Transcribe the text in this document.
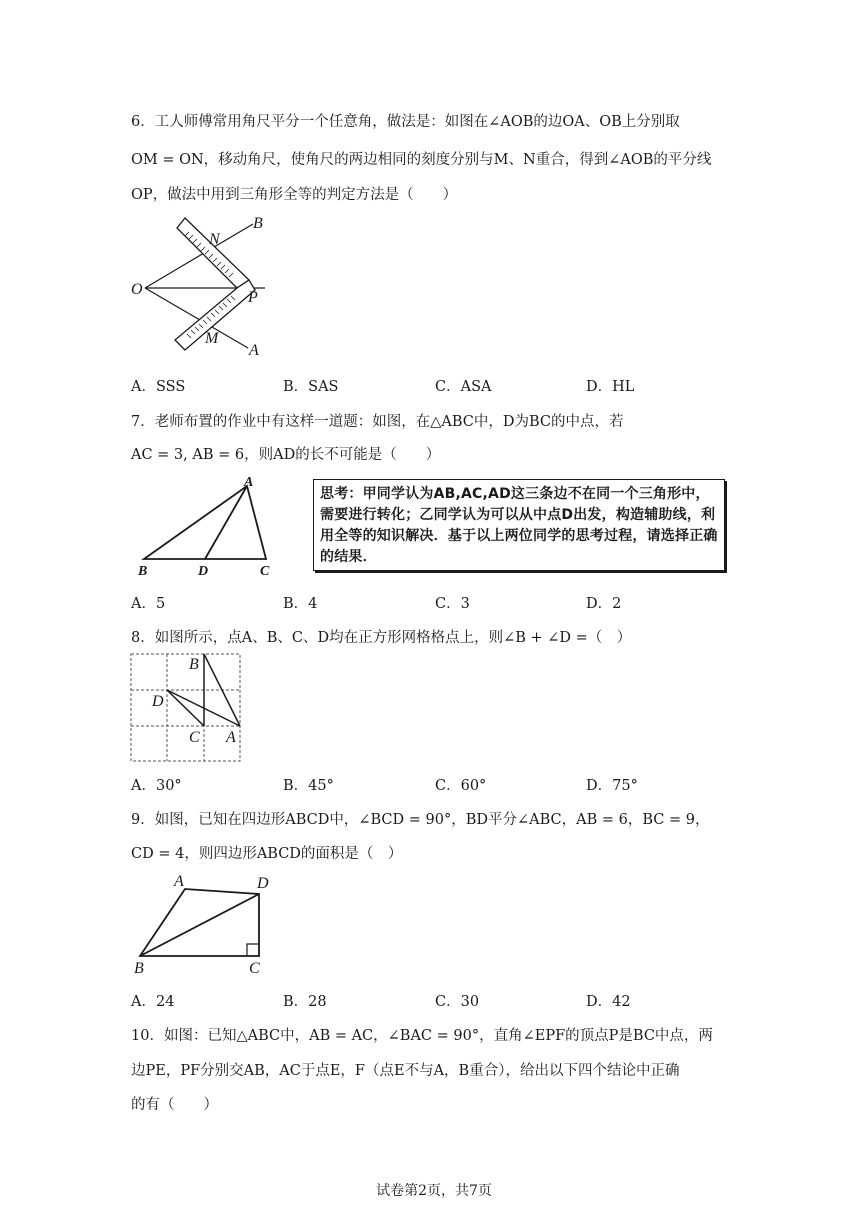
6．工人师傅常用角尺平分一个任意角，做法是：如图在∠AOB的边OA、OB上分别取
OM = ON，移动角尺，使角尺的两边相同的刻度分别与M、N重合，得到∠AOB的平分线
OP，做法中用到三角形全等的判定方法是（　　）
B
N
O	P
M
A
A．SSS	B．SAS	C．ASA	D．HL
7．老师布置的作业中有这样一道题：如图，在△ABC中，D为BC的中点，若
AC = 3, AB = 6，则AD的长不可能是（　　）
A
B	D	C
思考：甲同学认为AB,AC,AD这三条边不在同一个三角形中，需要进行转化；乙同学认为可以从中点D出发，构造辅助线，利用全等的知识解决．基于以上两位同学的思考过程，请选择正确的结果．
A．5	B．4	C．3	D．2
8．如图所示，点A、B、C、D均在正方形网格格点上，则∠B + ∠D =（　）
B
D
C A
A．30°	B．45°	C．60°	D．75°
9．如图，已知在四边形ABCD中，∠BCD = 90°，BD平分∠ABC，AB = 6，BC = 9，
CD = 4，则四边形ABCD的面积是（　）
A	D
B	C
A．24	B．28	C．30	D．42
10．如图：已知△ABC中，AB = AC，∠BAC = 90°，直角∠EPF的顶点P是BC中点，两
边PE，PF分别交AB，AC于点E，F（点E不与A，B重合），给出以下四个结论中正确
的有（　　）
试卷第2页，共7页
